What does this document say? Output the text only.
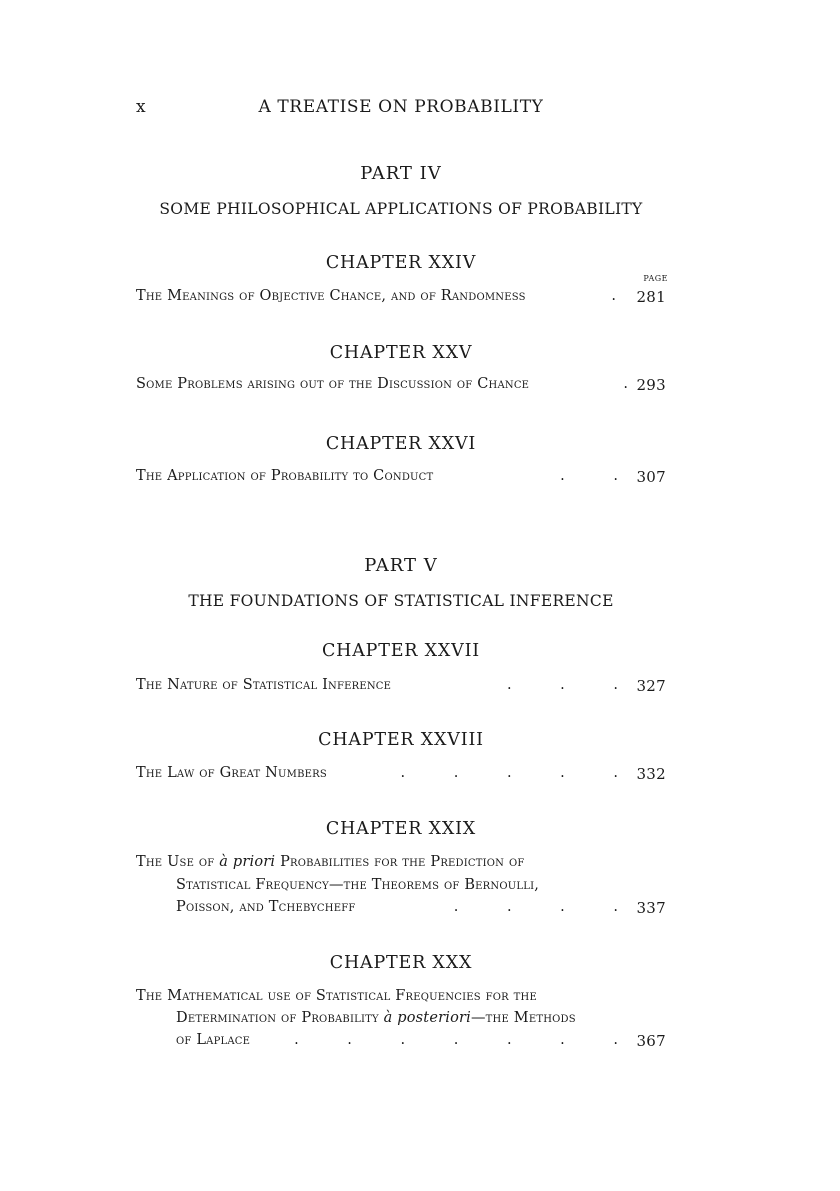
x	A TREATISE ON PROBABILITY
PART IV
SOME PHILOSOPHICAL APPLICATIONS OF PROBABILITY
CHAPTER XXIV
PAGE
The Meanings of Objective Chance, and of Randomness	. 281
CHAPTER XXV
Some Problems arising out of the Discussion of Chance	. 293
CHAPTER XXVI
The Application of Probability to Conduct	. . 307
PART V
THE FOUNDATIONS OF STATISTICAL INFERENCE
CHAPTER XXVII
The Nature of Statistical Inference	. . . 327
CHAPTER XXVIII
The Law of Great Numbers	. . . . . 332
CHAPTER XXIX
The Use of à priori Probabilities for the Prediction of
Statistical Frequency—the Theorems of Bernoulli,
Poisson, and Tchebycheff	. . . . 337
CHAPTER XXX
The Mathematical use of Statistical Frequencies for the
Determination of Probability à posteriori—the Methods
of Laplace	. . . . . . . 367
